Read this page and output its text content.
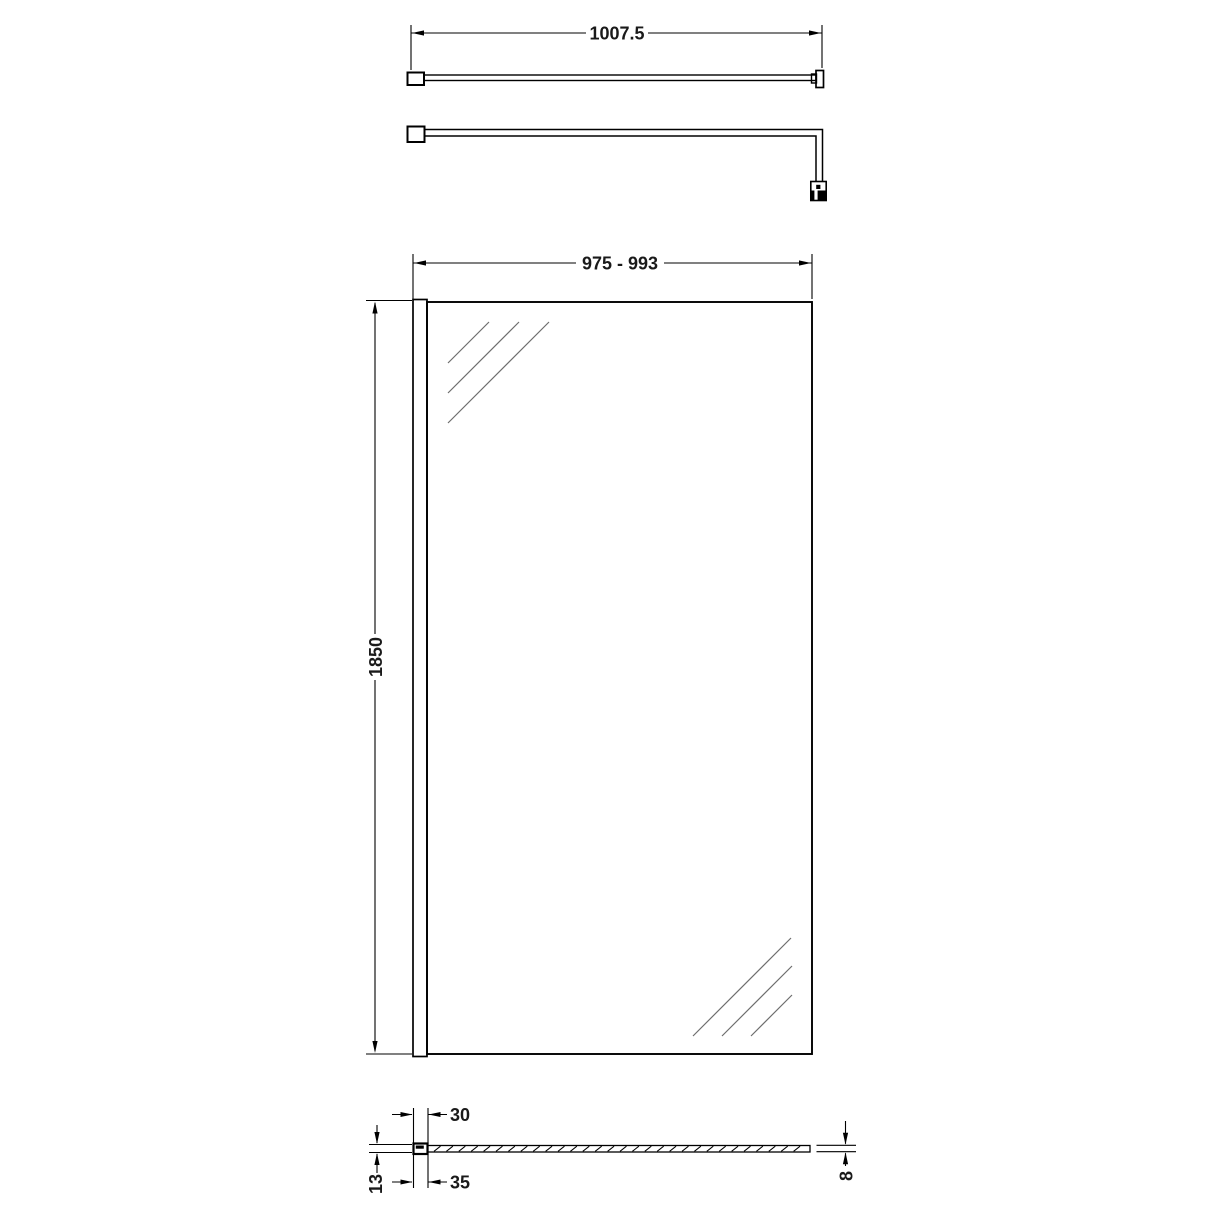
1007.5
975 - 993
1850
30
13	35	8
